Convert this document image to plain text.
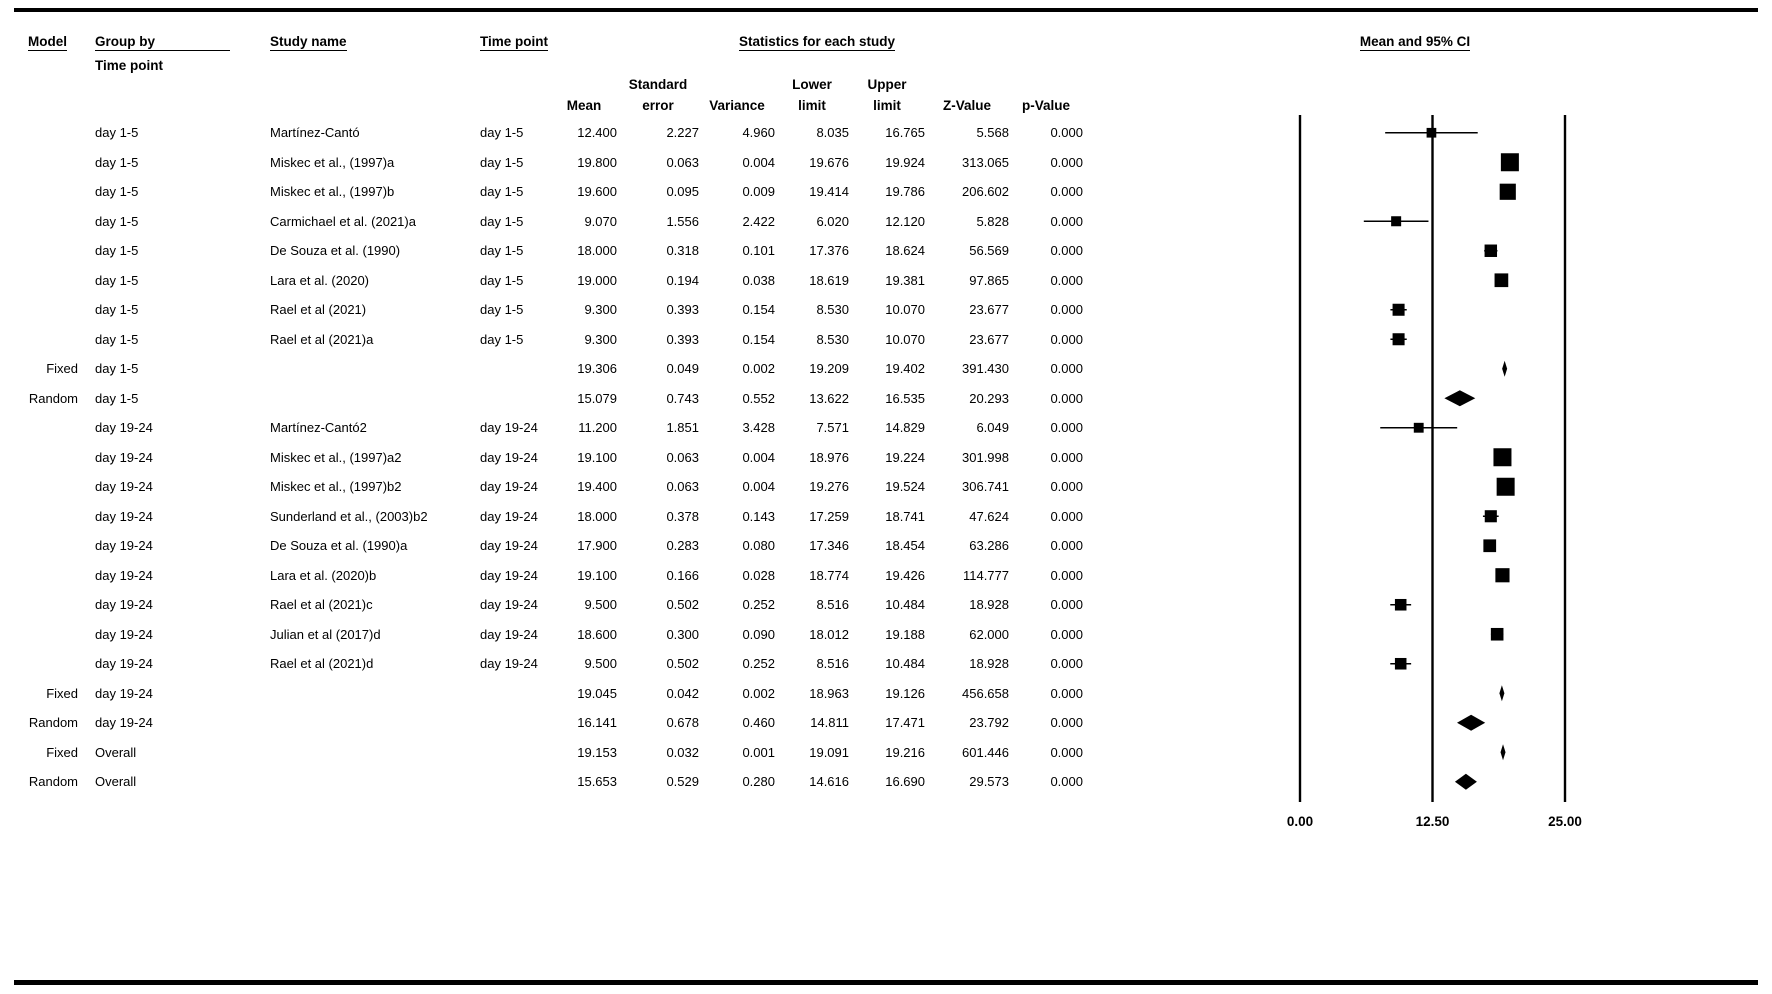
Model Group by
Time point
Study name	Time point	Statistics for each study	Mean and 95% CI
Mean
Standard
error	Variance
Lower
limit
Upper
limit	Z-Value p-Value
day 1-5	Martínez-Cantó	day 1-5	12.400	2.227	4.960	8.035	16.765	5.568	0.000
day 1-5	Miskec et al., (1997)a	day 1-5	19.800	0.063	0.004	19.676	19.924	313.065	0.000
day 1-5	Miskec et al., (1997)b	day 1-5	19.600	0.095	0.009	19.414	19.786	206.602	0.000
day 1-5	Carmichael et al. (2021)a	day 1-5	9.070	1.556	2.422	6.020	12.120	5.828	0.000
day 1-5	De Souza et al. (1990)	day 1-5	18.000	0.318	0.101	17.376	18.624	56.569	0.000
day 1-5	Lara et al. (2020)	day 1-5	19.000	0.194	0.038	18.619	19.381	97.865	0.000
day 1-5	Rael et al (2021)	day 1-5	9.300	0.393	0.154	8.530	10.070	23.677	0.000
day 1-5	Rael et al (2021)a	day 1-5	9.300	0.393	0.154	8.530	10.070	23.677	0.000
Fixed	day 1-5	19.306	0.049	0.002	19.209	19.402	391.430	0.000
Random	day 1-5	15.079	0.743	0.552	13.622	16.535	20.293	0.000
day 19-24	Martínez-Cantó2	day 19-24	11.200	1.851	3.428	7.571	14.829	6.049	0.000
day 19-24	Miskec et al., (1997)a2	day 19-24	19.100	0.063	0.004	18.976	19.224	301.998	0.000
day 19-24	Miskec et al., (1997)b2	day 19-24	19.400	0.063	0.004	19.276	19.524	306.741	0.000
day 19-24	Sunderland et al., (2003)b2	day 19-24	18.000	0.378	0.143	17.259	18.741	47.624	0.000
day 19-24	De Souza et al. (1990)a	day 19-24	17.900	0.283	0.080	17.346	18.454	63.286	0.000
day 19-24	Lara et al. (2020)b	day 19-24	19.100	0.166	0.028	18.774	19.426	114.777	0.000
day 19-24	Rael et al (2021)c	day 19-24	9.500	0.502	0.252	8.516	10.484	18.928	0.000
day 19-24	Julian et al (2017)d	day 19-24	18.600	0.300	0.090	18.012	19.188	62.000	0.000
day 19-24	Rael et al (2021)d	day 19-24	9.500	0.502	0.252	8.516	10.484	18.928	0.000
Fixed	day 19-24	19.045	0.042	0.002	18.963	19.126	456.658	0.000
Random	day 19-24	16.141	0.678	0.460	14.811	17.471	23.792	0.000
Fixed	Overall	19.153	0.032	0.001	19.091	19.216	601.446	0.000
Random	Overall	15.653	0.529	0.280	14.616	16.690	29.573	0.000
0.00	12.50	25.00
